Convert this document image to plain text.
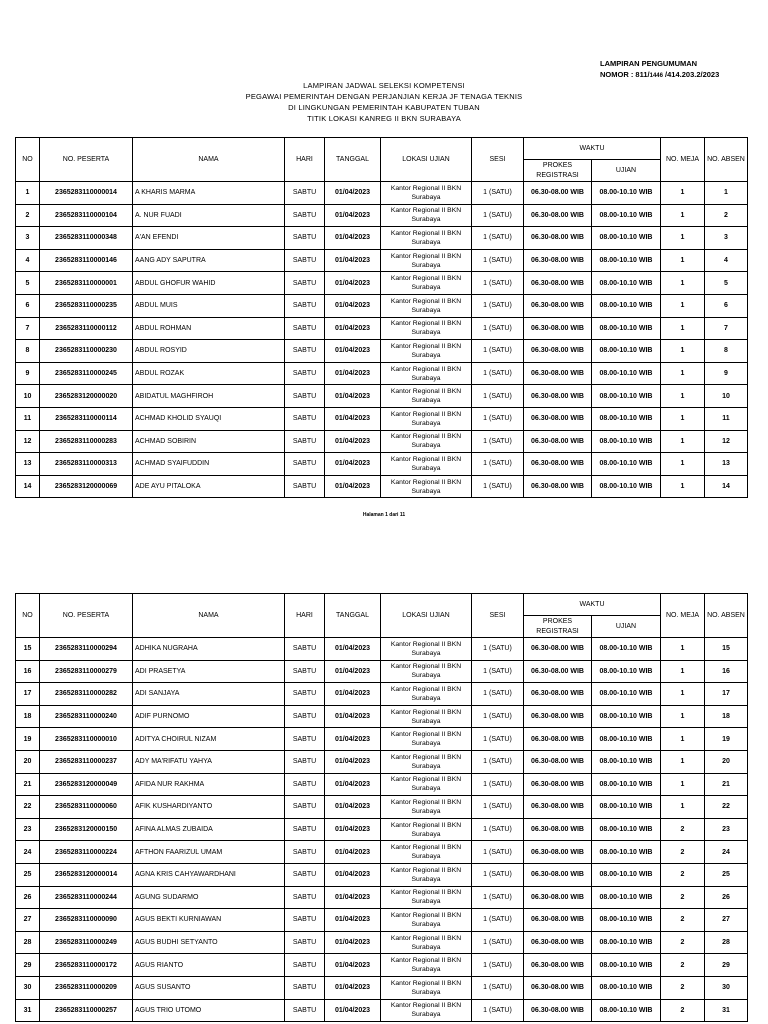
LAMPIRAN PENGUMUMAN
NOMOR : 811/1446 /414.203.2/2023
LAMPIRAN JADWAL SELEKSI KOMPETENSI
PEGAWAI PEMERINTAH DENGAN PERJANJIAN KERJA JF TENAGA TEKNIS
DI LINGKUNGAN PEMERINTAH KABUPATEN TUBAN
TITIK LOKASI KANREG II BKN SURABAYA
NO	NO. PESERTA	NAMA	HARI	TANGGAL	LOKASI UJIAN	SESI	WAKTU		NO. MEJA	NO. ABSEN
							PROKES REGISTRASI	UJIAN		
1	2365283110000014	A KHARIS MARMA	SABTU	01/04/2023	Kantor Regional II BKN Surabaya	1 (SATU)	06.30-08.00 WIB	08.00-10.10 WIB	1	1
2	2365283110000104	A. NUR FUADI	SABTU	01/04/2023	Kantor Regional II BKN Surabaya	1 (SATU)	06.30-08.00 WIB	08.00-10.10 WIB	1	2
3	2365283110000348	A'AN EFENDI	SABTU	01/04/2023	Kantor Regional II BKN Surabaya	1 (SATU)	06.30-08.00 WIB	08.00-10.10 WIB	1	3
4	2365283110000146	AANG ADY SAPUTRA	SABTU	01/04/2023	Kantor Regional II BKN Surabaya	1 (SATU)	06.30-08.00 WIB	08.00-10.10 WIB	1	4
5	2365283110000001	ABDUL GHOFUR WAHID	SABTU	01/04/2023	Kantor Regional II BKN Surabaya	1 (SATU)	06.30-08.00 WIB	08.00-10.10 WIB	1	5
6	2365283110000235	ABDUL MUIS	SABTU	01/04/2023	Kantor Regional II BKN Surabaya	1 (SATU)	06.30-08.00 WIB	08.00-10.10 WIB	1	6
7	2365283110000112	ABDUL ROHMAN	SABTU	01/04/2023	Kantor Regional II BKN Surabaya	1 (SATU)	06.30-08.00 WIB	08.00-10.10 WIB	1	7
8	2365283110000230	ABDUL ROSYID	SABTU	01/04/2023	Kantor Regional II BKN Surabaya	1 (SATU)	06.30-08.00 WIB	08.00-10.10 WIB	1	8
9	2365283110000245	ABDUL ROZAK	SABTU	01/04/2023	Kantor Regional II BKN Surabaya	1 (SATU)	06.30-08.00 WIB	08.00-10.10 WIB	1	9
10	2365283120000020	ABIDATUL MAGHFIROH	SABTU	01/04/2023	Kantor Regional II BKN Surabaya	1 (SATU)	06.30-08.00 WIB	08.00-10.10 WIB	1	10
11	2365283110000114	ACHMAD KHOLID SYAUQI	SABTU	01/04/2023	Kantor Regional II BKN Surabaya	1 (SATU)	06.30-08.00 WIB	08.00-10.10 WIB	1	11
12	2365283110000283	ACHMAD SOBIRIN	SABTU	01/04/2023	Kantor Regional II BKN Surabaya	1 (SATU)	06.30-08.00 WIB	08.00-10.10 WIB	1	12
13	2365283110000313	ACHMAD SYAIFUDDIN	SABTU	01/04/2023	Kantor Regional II BKN Surabaya	1 (SATU)	06.30-08.00 WIB	08.00-10.10 WIB	1	13
14	2365283120000069	ADE AYU PITALOKA	SABTU	01/04/2023	Kantor Regional II BKN Surabaya	1 (SATU)	06.30-08.00 WIB	08.00-10.10 WIB	1	14
Halaman 1 dari 11
NO	NO. PESERTA	NAMA	HARI	TANGGAL	LOKASI UJIAN	SESI	WAKTU		NO. MEJA	NO. ABSEN
							PROKES REGISTRASI	UJIAN		
15	2365283110000294	ADHIKA NUGRAHA	SABTU	01/04/2023	Kantor Regional II BKN Surabaya	1 (SATU)	06.30-08.00 WIB	08.00-10.10 WIB	1	15
16	2365283110000279	ADI PRASETYA	SABTU	01/04/2023	Kantor Regional II BKN Surabaya	1 (SATU)	06.30-08.00 WIB	08.00-10.10 WIB	1	16
17	2365283110000282	ADI SANJAYA	SABTU	01/04/2023	Kantor Regional II BKN Surabaya	1 (SATU)	06.30-08.00 WIB	08.00-10.10 WIB	1	17
18	2365283110000240	ADIF PURNOMO	SABTU	01/04/2023	Kantor Regional II BKN Surabaya	1 (SATU)	06.30-08.00 WIB	08.00-10.10 WIB	1	18
19	2365283110000010	ADITYA CHOIRUL NIZAM	SABTU	01/04/2023	Kantor Regional II BKN Surabaya	1 (SATU)	06.30-08.00 WIB	08.00-10.10 WIB	1	19
20	2365283110000237	ADY MA'RIFATU YAHYA	SABTU	01/04/2023	Kantor Regional II BKN Surabaya	1 (SATU)	06.30-08.00 WIB	08.00-10.10 WIB	1	20
21	2365283120000049	AFIDA NUR RAKHMA	SABTU	01/04/2023	Kantor Regional II BKN Surabaya	1 (SATU)	06.30-08.00 WIB	08.00-10.10 WIB	1	21
22	2365283110000060	AFIK KUSHARDIYANTO	SABTU	01/04/2023	Kantor Regional II BKN Surabaya	1 (SATU)	06.30-08.00 WIB	08.00-10.10 WIB	1	22
23	2365283120000150	AFINA ALMAS ZUBAIDA	SABTU	01/04/2023	Kantor Regional II BKN Surabaya	1 (SATU)	06.30-08.00 WIB	08.00-10.10 WIB	2	23
24	2365283110000224	AFTHON FAARIZUL UMAM	SABTU	01/04/2023	Kantor Regional II BKN Surabaya	1 (SATU)	06.30-08.00 WIB	08.00-10.10 WIB	2	24
25	2365283120000014	AGNA KRIS CAHYAWARDHANI	SABTU	01/04/2023	Kantor Regional II BKN Surabaya	1 (SATU)	06.30-08.00 WIB	08.00-10.10 WIB	2	25
26	2365283110000244	AGUNG SUDARMO	SABTU	01/04/2023	Kantor Regional II BKN Surabaya	1 (SATU)	06.30-08.00 WIB	08.00-10.10 WIB	2	26
27	2365283110000090	AGUS BEKTI KURNIAWAN	SABTU	01/04/2023	Kantor Regional II BKN Surabaya	1 (SATU)	06.30-08.00 WIB	08.00-10.10 WIB	2	27
28	2365283110000249	AGUS BUDHI SETYANTO	SABTU	01/04/2023	Kantor Regional II BKN Surabaya	1 (SATU)	06.30-08.00 WIB	08.00-10.10 WIB	2	28
29	2365283110000172	AGUS RIANTO	SABTU	01/04/2023	Kantor Regional II BKN Surabaya	1 (SATU)	06.30-08.00 WIB	08.00-10.10 WIB	2	29
30	2365283110000209	AGUS SUSANTO	SABTU	01/04/2023	Kantor Regional II BKN Surabaya	1 (SATU)	06.30-08.00 WIB	08.00-10.10 WIB	2	30
31	2365283110000257	AGUS TRIO UTOMO	SABTU	01/04/2023	Kantor Regional II BKN Surabaya	1 (SATU)	06.30-08.00 WIB	08.00-10.10 WIB	2	31
